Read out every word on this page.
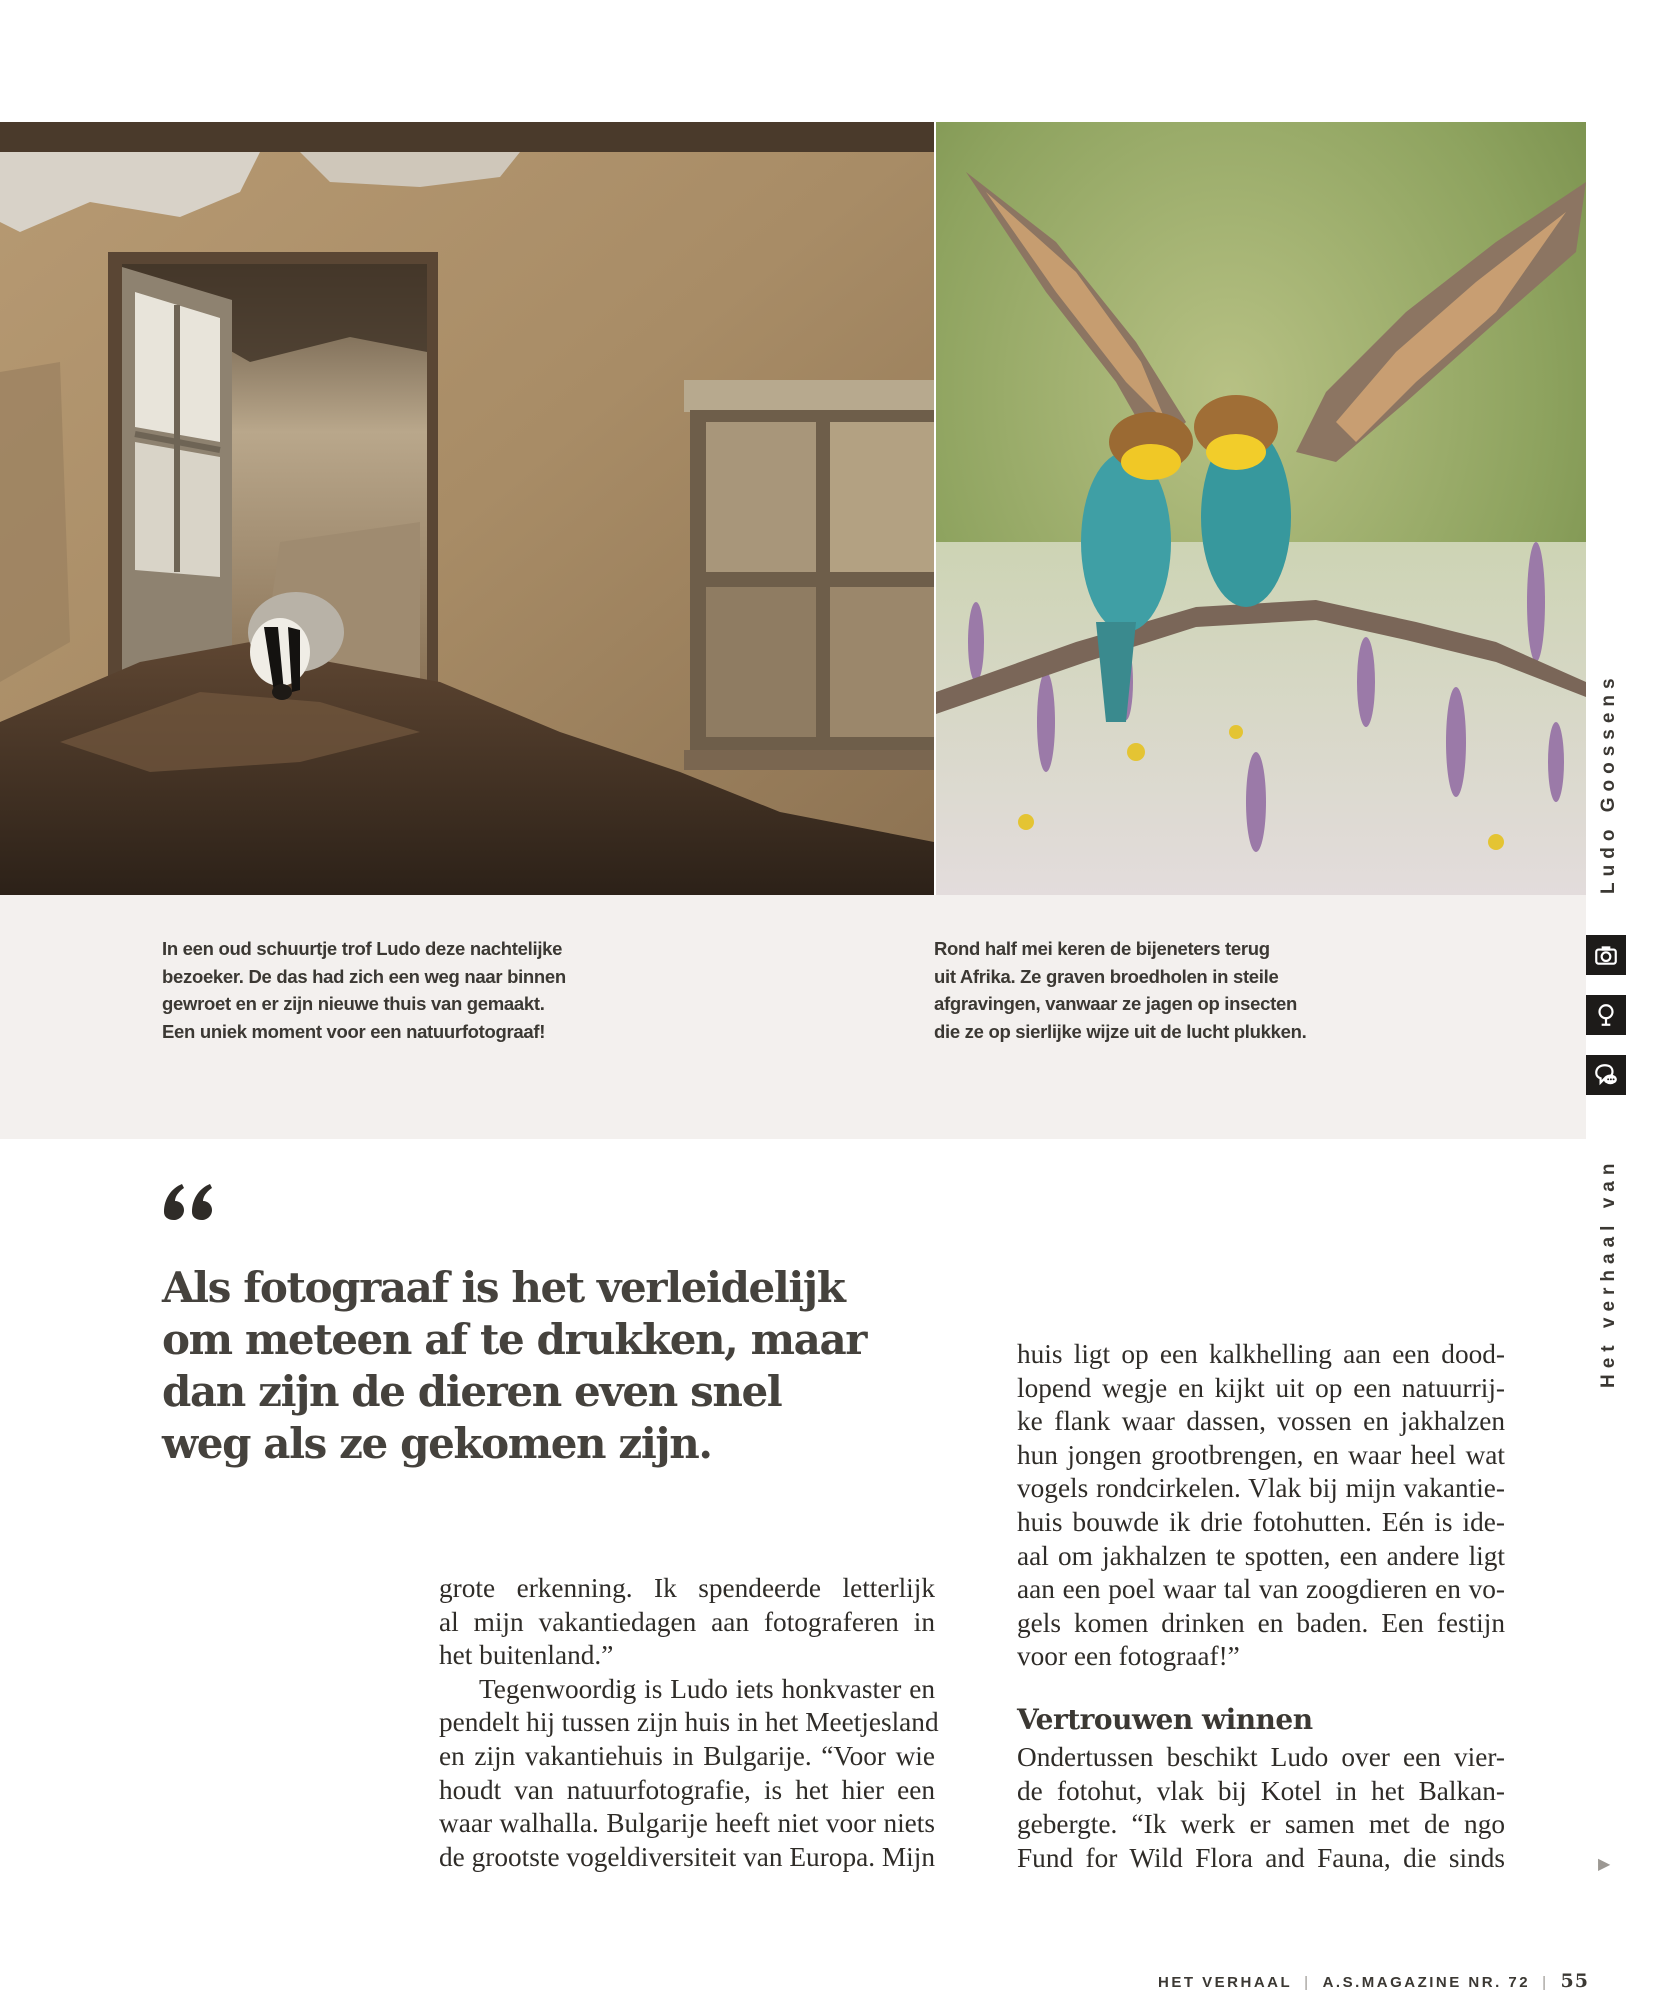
In een oud schuurtje trof Ludo deze nachtelijke
bezoeker. De das had zich een weg naar binnen
gewroet en er zijn nieuwe thuis van gemaakt.
Een uniek moment voor een natuurfotograaf!
Rond half mei keren de bijeneters terug
uit Afrika. Ze graven broedholen in steile
afgravingen, vanwaar ze jagen op insecten
die ze op sierlijke wijze uit de lucht plukken.
Ludo Goossens
Het verhaal van
Als fotograaf is het verleidelijk
om meteen af te drukken, maar
dan zijn de dieren even snel
weg als ze gekomen zijn.
grote erkenning. Ik spendeerde letterlijk
al mijn vakantiedagen aan fotograferen in
het buitenland.”
Tegenwoordig is Ludo iets honkvaster en
pendelt hij tussen zijn huis in het Meetjesland
en zijn vakantiehuis in Bulgarije. “Voor wie
houdt van natuurfotografie, is het hier een
waar walhalla. Bulgarije heeft niet voor niets
de grootste vogeldiversiteit van Europa. Mijn
huis ligt op een kalkhelling aan een dood-
lopend wegje en kijkt uit op een natuurrij-
ke flank waar dassen, vossen en jakhalzen
hun jongen grootbrengen, en waar heel wat
vogels rondcirkelen. Vlak bij mijn vakantie-
huis bouwde ik drie fotohutten. Eén is ide-
aal om jakhalzen te spotten, een andere ligt
aan een poel waar tal van zoogdieren en vo-
gels komen drinken en baden. Een festijn
voor een fotograaf!”
Vertrouwen winnen
Ondertussen beschikt Ludo over een vier-
de fotohut, vlak bij Kotel in het Balkan-
gebergte. “Ik werk er samen met de ngo
Fund for Wild Flora and Fauna, die sinds	▶
HET VERHAAL | A.S.MAGAZINE NR. 72 | 55
